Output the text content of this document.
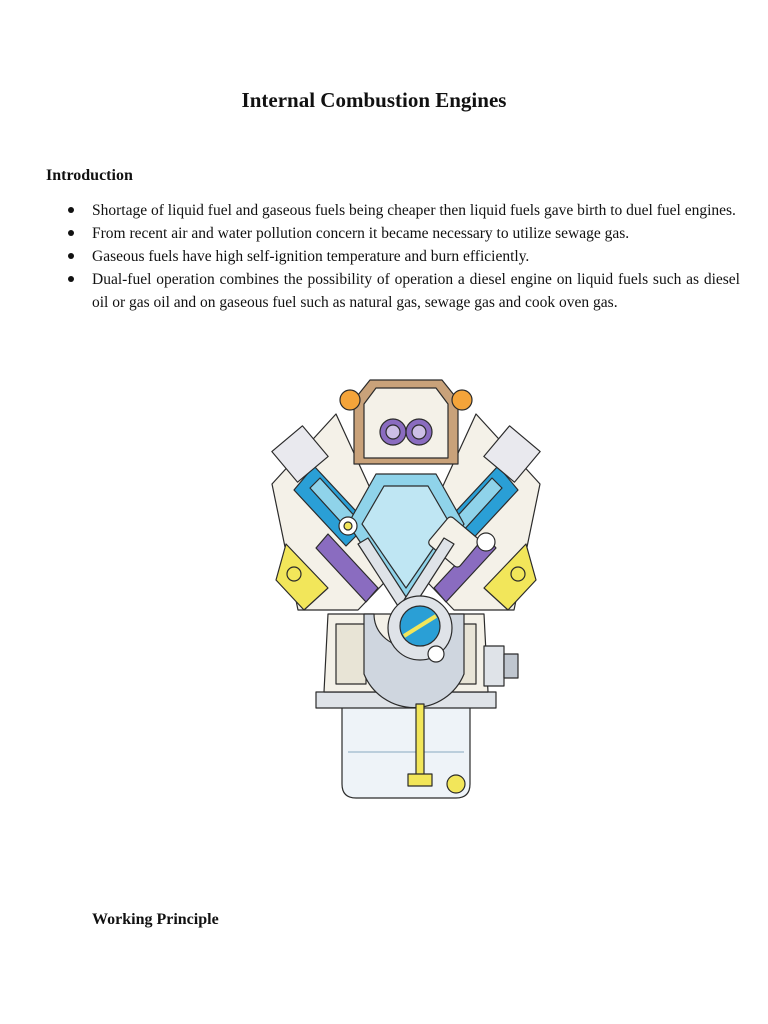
Internal Combustion Engines
Introduction
Shortage of liquid fuel and gaseous fuels being cheaper then liquid fuels gave birth to duel fuel engines.
From recent air and water pollution concern it became necessary to utilize sewage gas.
Gaseous fuels have high self-ignition temperature and burn efficiently.
Dual-fuel operation combines the possibility of operation a diesel engine on liquid fuels such as diesel oil or gas oil and on gaseous fuel such as natural gas, sewage gas and cook oven gas.
Working Principle
